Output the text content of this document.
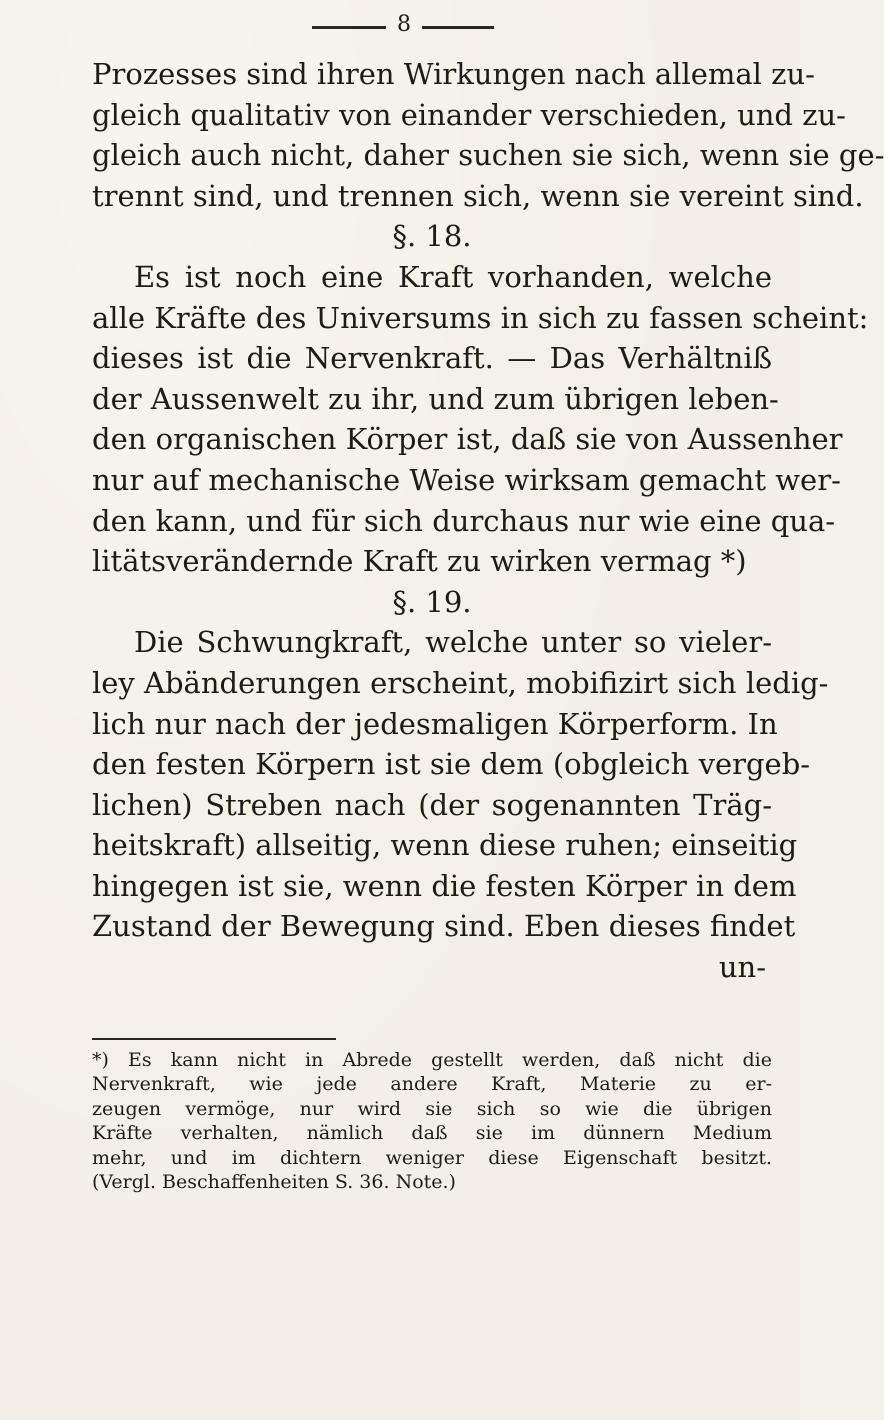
8
Prozesses sind ihren Wirkungen nach allemal zu-
gleich qualitativ von einander verschieden, und zu-
gleich auch nicht, daher suchen sie sich, wenn sie ge-
trennt sind, und trennen sich, wenn sie vereint sind.
§. 18.
Es ist noch eine Kraft vorhanden, welche
alle Kräfte des Universums in sich zu fassen scheint:
dieses ist die Nervenkraft. — Das Verhältniß
der Aussenwelt zu ihr, und zum übrigen leben-
den organischen Körper ist, daß sie von Aussenher
nur auf mechanische Weise wirksam gemacht wer-
den kann, und für sich durchaus nur wie eine qua-
litätsverändernde Kraft zu wirken vermag *)
§. 19.
Die Schwungkraft, welche unter so vieler-
ley Abänderungen erscheint, mobifizirt sich ledig-
lich nur nach der jedesmaligen Körperform. In
den festen Körpern ist sie dem (obgleich vergeb-
lichen) Streben nach (der sogenannten Träg-
heitskraft) allseitig, wenn diese ruhen; einseitig
hingegen ist sie, wenn die festen Körper in dem
Zustand der Bewegung sind. Eben dieses findet
un-
*) Es kann nicht in Abrede gestellt werden, daß nicht die
Nervenkraft, wie jede andere Kraft, Materie zu er-
zeugen vermöge, nur wird sie sich so wie die übrigen
Kräfte verhalten, nämlich daß sie im dünnern Medium
mehr, und im dichtern weniger diese Eigenschaft besitzt.
(Vergl. Beschaffenheiten S. 36. Note.)
